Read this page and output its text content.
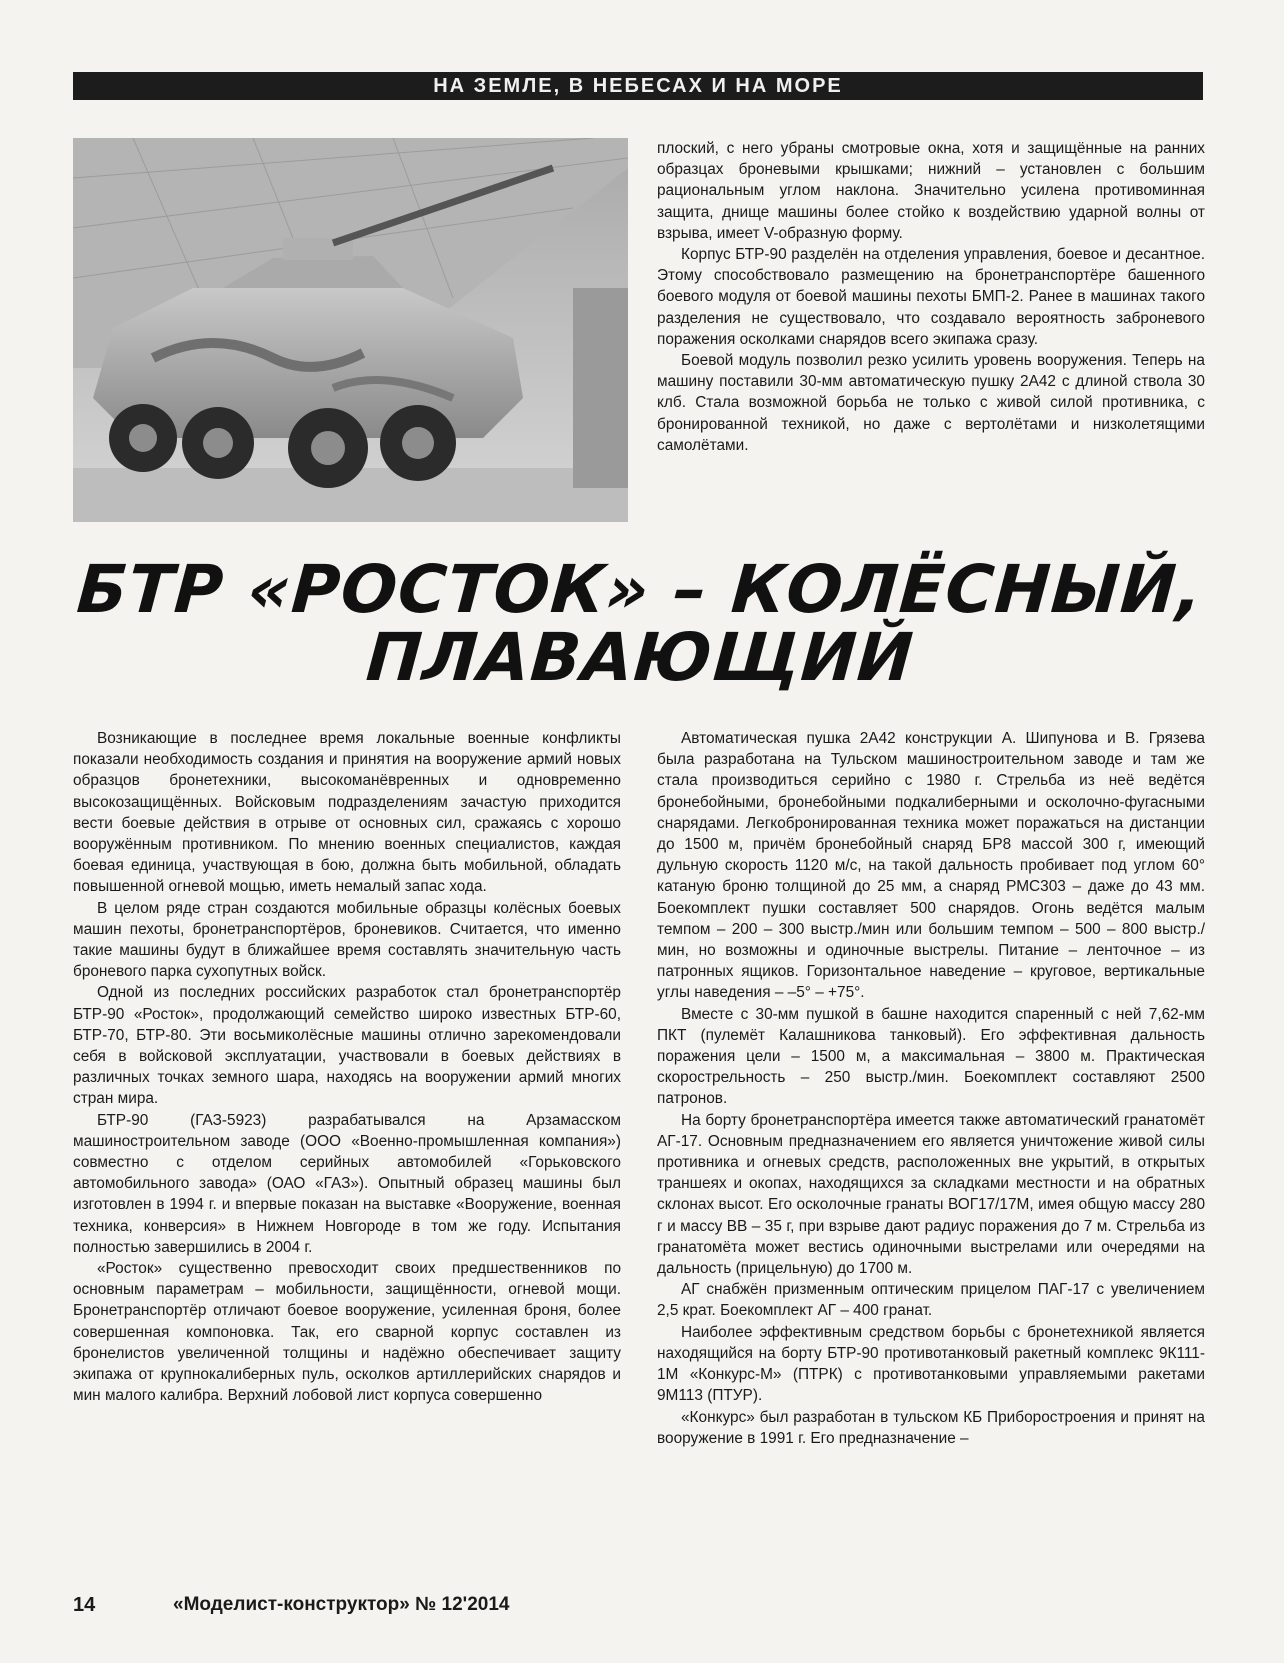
НА ЗЕМЛЕ, В НЕБЕСАХ И НА МОРЕ

плоский, с него убраны смотровые окна, хотя и защищённые на ранних образцах броневыми крышками; нижний – установлен с большим рациональным углом наклона. Значительно усилена противоминная защита, днище машины более стойко к воздействию ударной волны от взрыва, имеет V-образную форму.

Корпус БТР-90 разделён на отделения управления, боевое и десантное. Этому способствовало размещению на бронетранспортёре башенного боевого модуля от боевой машины пехоты БМП-2. Ранее в машинах такого разделения не существовало, что создавало вероятность заброневого поражения осколками снарядов всего экипажа сразу.

Боевой модуль позволил резко усилить уровень вооружения. Теперь на машину поставили 30-мм автоматическую пушку 2А42 с длиной ствола 30 клб. Стала возможной борьба не только с живой силой противника, с бронированной техникой, но даже с вертолётами и низколетящими самолётами.

БТР «РОСТОК» – КОЛЁСНЫЙ,
ПЛАВАЮЩИЙ

Возникающие в последнее время локальные военные конфликты показали необходимость создания и принятия на вооружение армий новых образцов бронетехники, высокоманёвренных и одновременно высокозащищённых. Войсковым подразделениям зачастую приходится вести боевые действия в отрыве от основных сил, сражаясь с хорошо вооружённым противником. По мнению военных специалистов, каждая боевая единица, участвующая в бою, должна быть мобильной, обладать повышенной огневой мощью, иметь немалый запас хода.

В целом ряде стран создаются мобильные образцы колёсных боевых машин пехоты, бронетранспортёров, броневиков. Считается, что именно такие машины будут в ближайшее время составлять значительную часть броневого парка сухопутных войск.

Одной из последних российских разработок стал бронетранспортёр БТР-90 «Росток», продолжающий семейство широко известных БТР-60, БТР-70, БТР-80. Эти восьмиколёсные машины отлично зарекомендовали себя в войсковой эксплуатации, участвовали в боевых действиях в различных точках земного шара, находясь на вооружении армий многих стран мира.

БТР-90 (ГАЗ-5923) разрабатывался на Арзамасском машиностроительном заводе (ООО «Военно-промышленная компания») совместно с отделом серийных автомобилей «Горьковского автомобильного завода» (ОАО «ГАЗ»). Опытный образец машины был изготовлен в 1994 г. и впервые показан на выставке «Вооружение, военная техника, конверсия» в Нижнем Новгороде в том же году. Испытания полностью завершились в 2004 г.

«Росток» существенно превосходит своих предшественников по основным параметрам – мобильности, защищённости, огневой мощи. Бронетранспортёр отличают боевое вооружение, усиленная броня, более совершенная компоновка. Так, его сварной корпус составлен из бронелистов увеличенной толщины и надёжно обеспечивает защиту экипажа от крупнокалиберных пуль, осколков артиллерийских снарядов и мин малого калибра. Верхний лобовой лист корпуса совершенно

Автоматическая пушка 2А42 конструкции А. Шипунова и В. Грязева была разработана на Тульском машиностроительном заводе и там же стала производиться серийно с 1980 г. Стрельба из неё ведётся бронебойными, бронебойными подкалиберными и осколочно-фугасными снарядами. Легкобронированная техника может поражаться на дистанции до 1500 м, причём бронебойный снаряд БР8 массой 300 г, имеющий дульную скорость 1120 м/с, на такой дальность пробивает под углом 60° катаную броню толщиной до 25 мм, а снаряд РМС303 – даже до 43 мм. Боекомплект пушки составляет 500 снарядов. Огонь ведётся малым темпом – 200 – 300 выстр./мин или большим темпом – 500 – 800 выстр./мин, но возможны и одиночные выстрелы. Питание – ленточное – из патронных ящиков. Горизонтальное наведение – круговое, вертикальные углы наведения – –5° – +75°.

Вместе с 30-мм пушкой в башне находится спаренный с ней 7,62-мм ПКТ (пулемёт Калашникова танковый). Его эффективная дальность поражения цели – 1500 м, а максимальная – 3800 м. Практическая скорострельность – 250 выстр./мин. Боекомплект составляют 2500 патронов.

На борту бронетранспортёра имеется также автоматический гранатомёт АГ-17. Основным предназначением его является уничтожение живой силы противника и огневых средств, расположенных вне укрытий, в открытых траншеях и окопах, находящихся за складками местности и на обратных склонах высот. Его осколочные гранаты ВОГ17/17М, имея общую массу 280 г и массу ВВ – 35 г, при взрыве дают радиус поражения до 7 м. Стрельба из гранатомёта может вестись одиночными выстрелами или очередями на дальность (прицельную) до 1700 м.

АГ снабжён призменным оптическим прицелом ПАГ-17 с увеличением 2,5 крат. Боекомплект АГ – 400 гранат.

Наиболее эффективным средством борьбы с бронетехникой является находящийся на борту БТР-90 противотанковый ракетный комплекс 9К111-1М «Конкурс-М» (ПТРК) с противотанковыми управляемыми ракетами 9М113 (ПТУР).

«Конкурс» был разработан в тульском КБ Приборостроения и принят на вооружение в 1991 г. Его предназначение –

14	«Моделист-конструктор» № 12'2014
